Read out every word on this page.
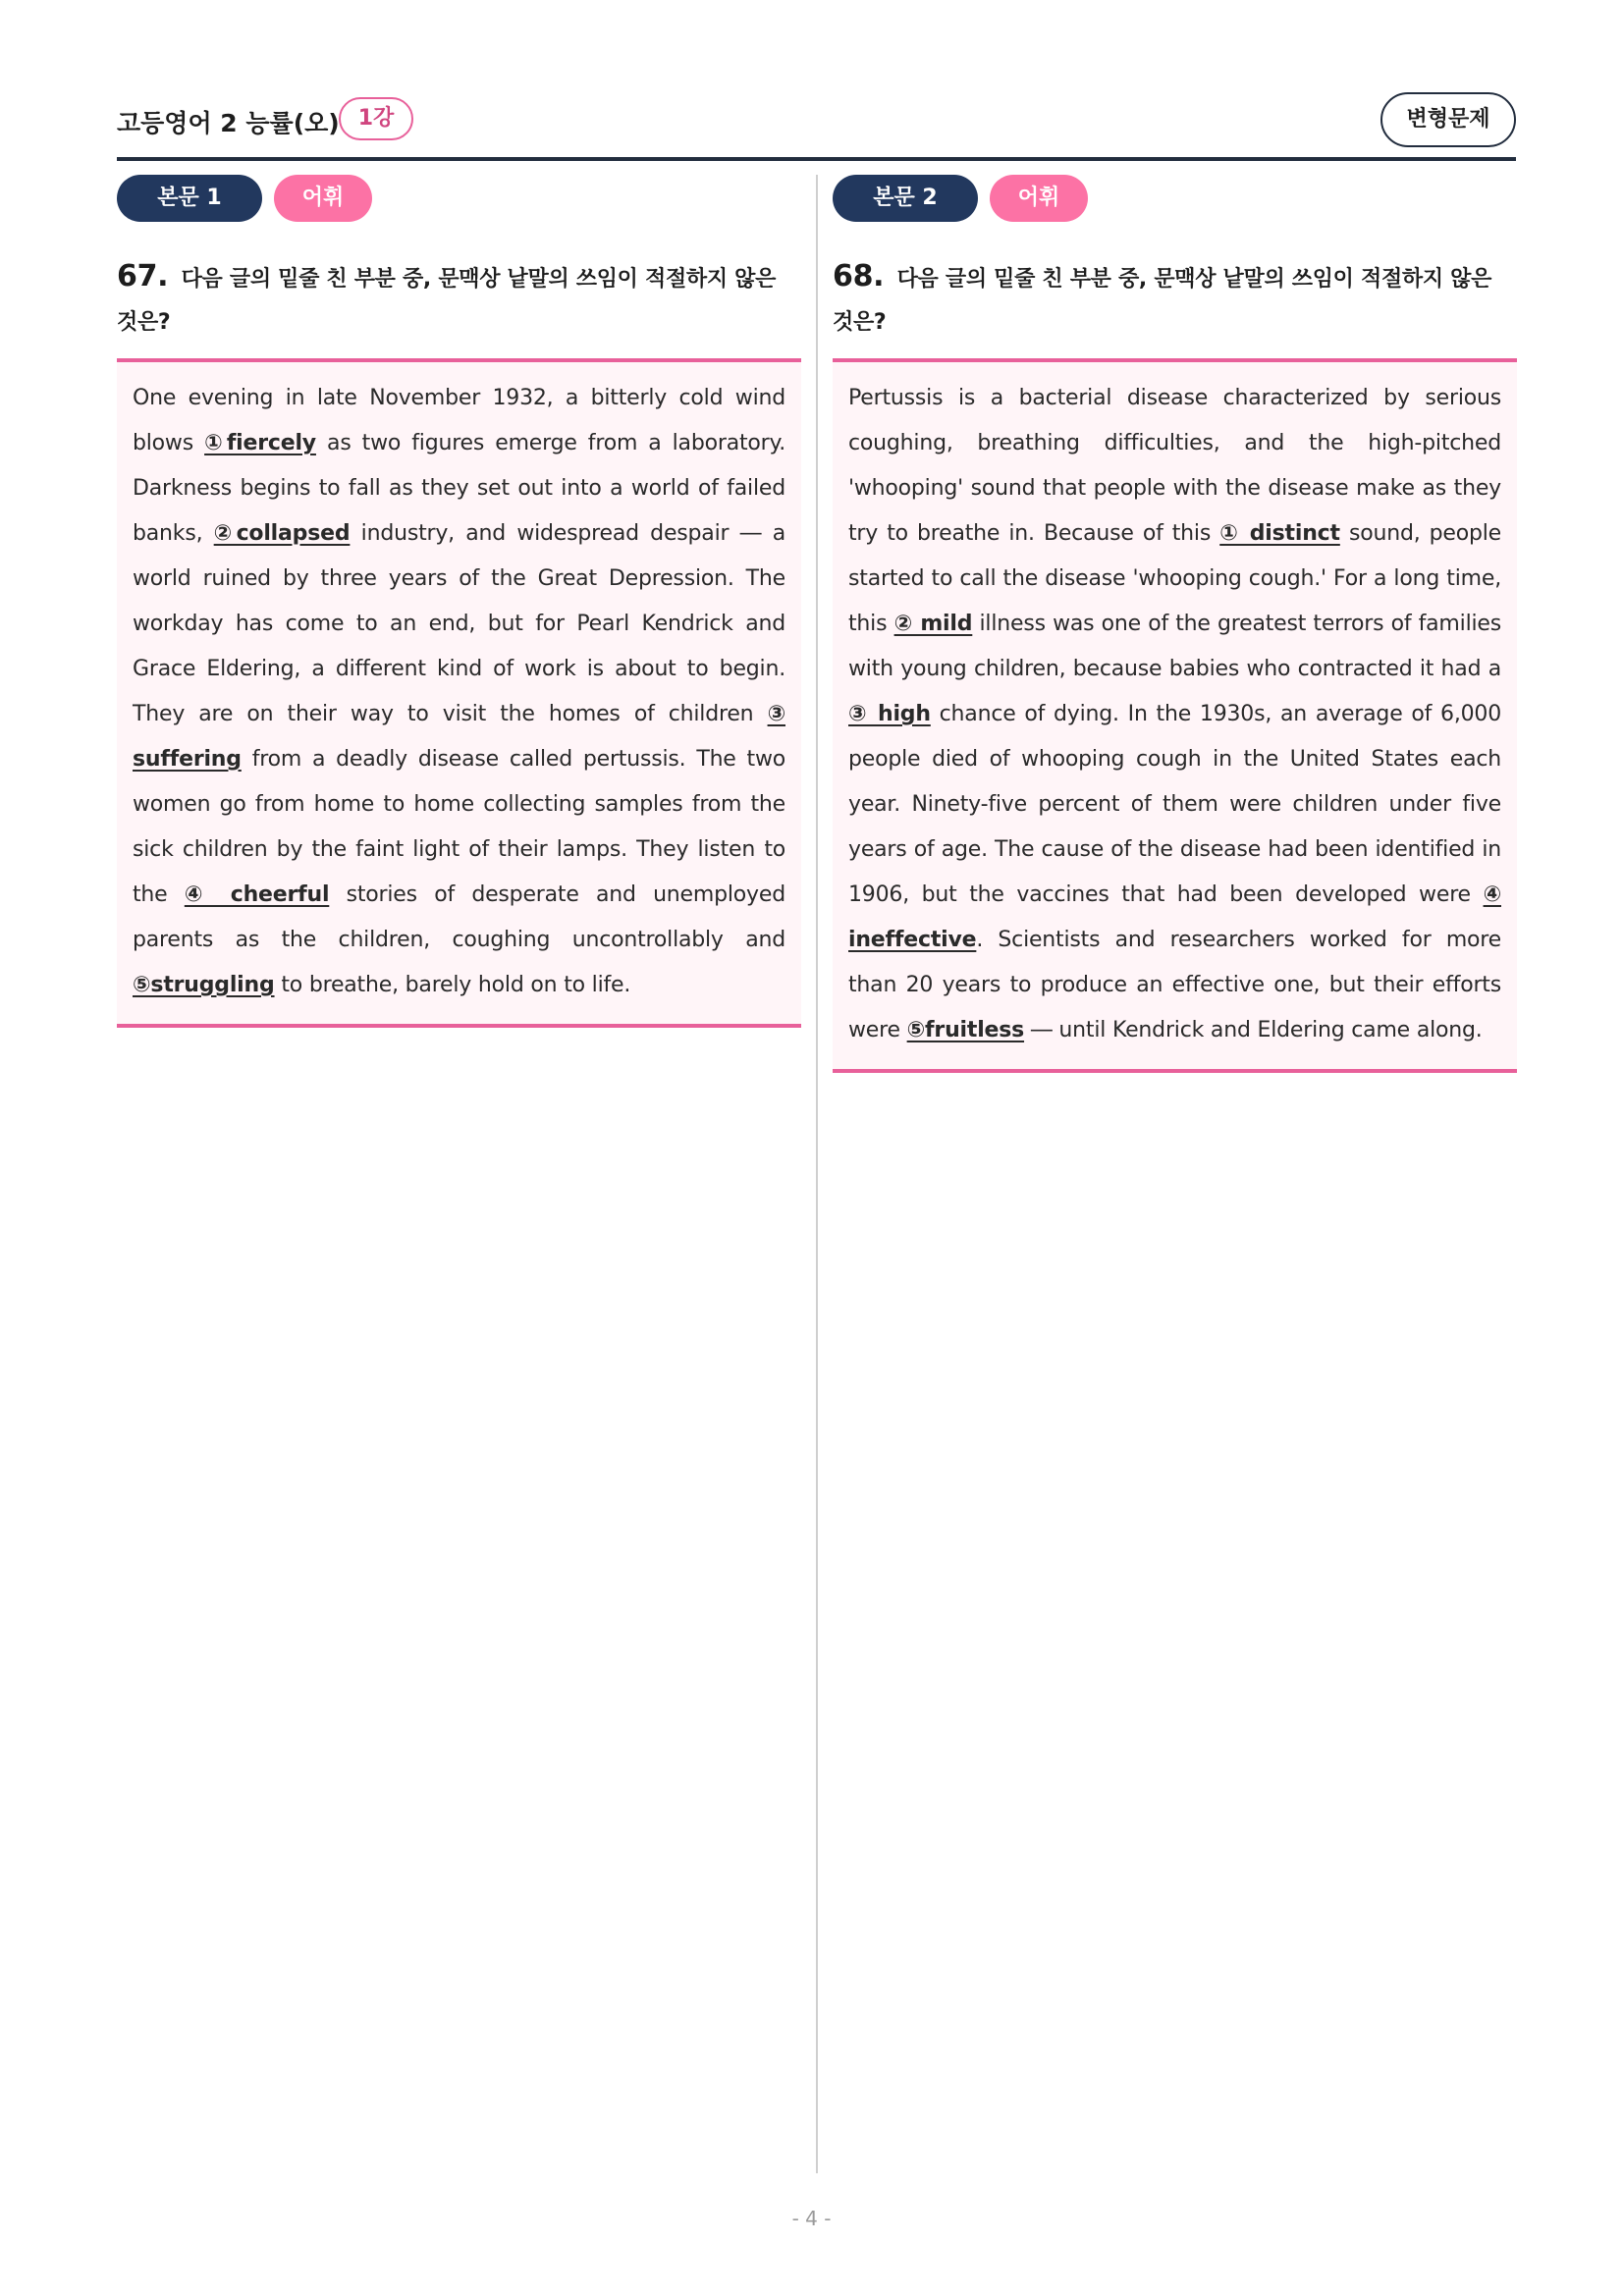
고등영어 2 능률(오) 1강	변형문제
본문 1	어휘
67. 다음 글의 밑줄 친 부분 중, 문맥상 낱말의 쓰임이 적절하지 않은 것은?
One evening in late November 1932, a bitterly cold wind blows ①fiercely as two figures emerge from a laboratory. Darkness begins to fall as they set out into a world of failed banks, ②collapsed industry, and widespread despair ― a world ruined by three years of the Great Depression. The workday has come to an end, but for Pearl Kendrick and Grace Eldering, a different kind of work is about to begin. They are on their way to visit the homes of children ③ suffering from a deadly disease called pertussis. The two women go from home to home collecting samples from the sick children by the faint light of their lamps. They listen to the ④ cheerful stories of desperate and unemployed parents as the children, coughing uncontrollably and ⑤struggling to breathe, barely hold on to life.
본문 2	어휘
68. 다음 글의 밑줄 친 부분 중, 문맥상 낱말의 쓰임이 적절하지 않은 것은?
Pertussis is a bacterial disease characterized by serious coughing, breathing difficulties, and the high-pitched 'whooping' sound that people with the disease make as they try to breathe in. Because of this ① distinct sound, people started to call the disease 'whooping cough.' For a long time, this ② mild illness was one of the greatest terrors of families with young children, because babies who contracted it had a ③ high chance of dying. In the 1930s, an average of 6,000 people died of whooping cough in the United States each year. Ninety-five percent of them were children under five years of age. The cause of the disease had been identified in 1906, but the vaccines that had been developed were ④ ineffective. Scientists and researchers worked for more than 20 years to produce an effective one, but their efforts were ⑤fruitless ― until Kendrick and Eldering came along.
- 4 -
